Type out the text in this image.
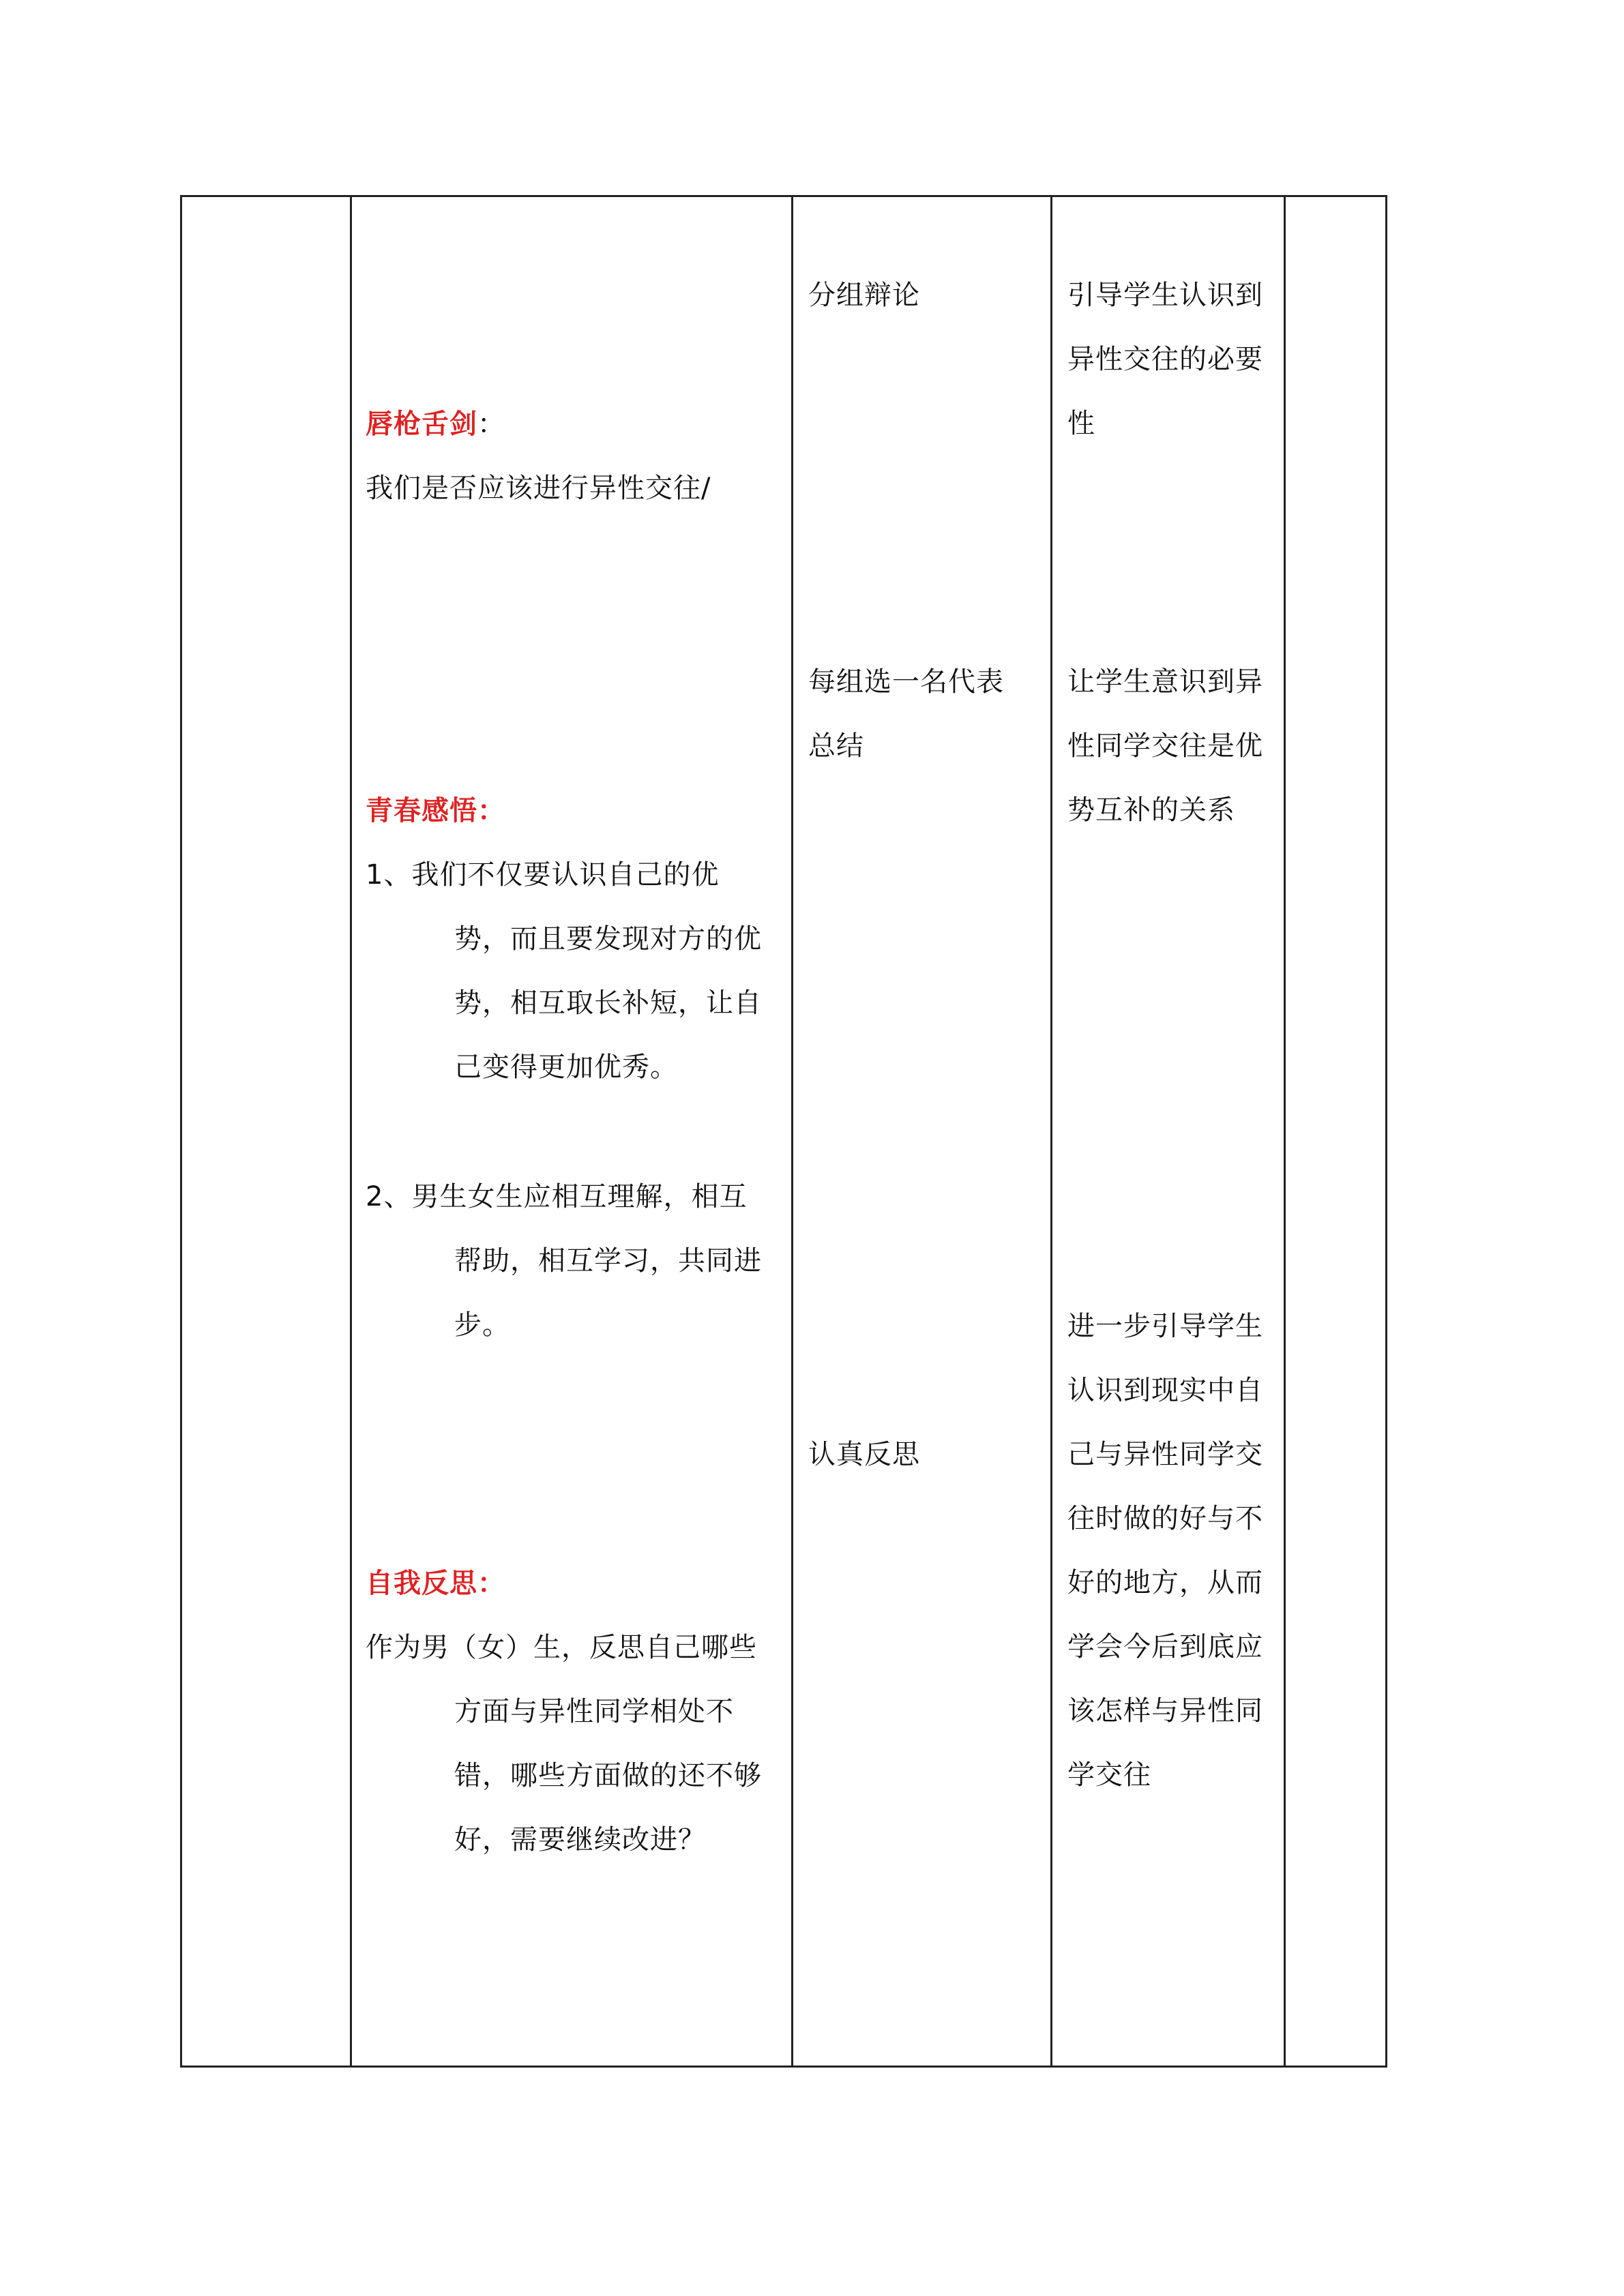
唇枪舌剑：
我们是否应该进行异性交往/
青春感悟：
1、我们不仅要认识自己的优
势，而且要发现对方的优
势，相互取长补短，让自
己变得更加优秀。
2、男生女生应相互理解，相互
帮助，相互学习，共同进
步。
自我反思：
作为男（女）生，反思自己哪些
方面与异性同学相处不
错，哪些方面做的还不够
好，需要继续改进？
分组辩论
每组选一名代表
总结
认真反思
引导学生认识到
异性交往的必要
性
让学生意识到异
性同学交往是优
势互补的关系
进一步引导学生
认识到现实中自
己与异性同学交
往时做的好与不
好的地方，从而
学会今后到底应
该怎样与异性同
学交往
